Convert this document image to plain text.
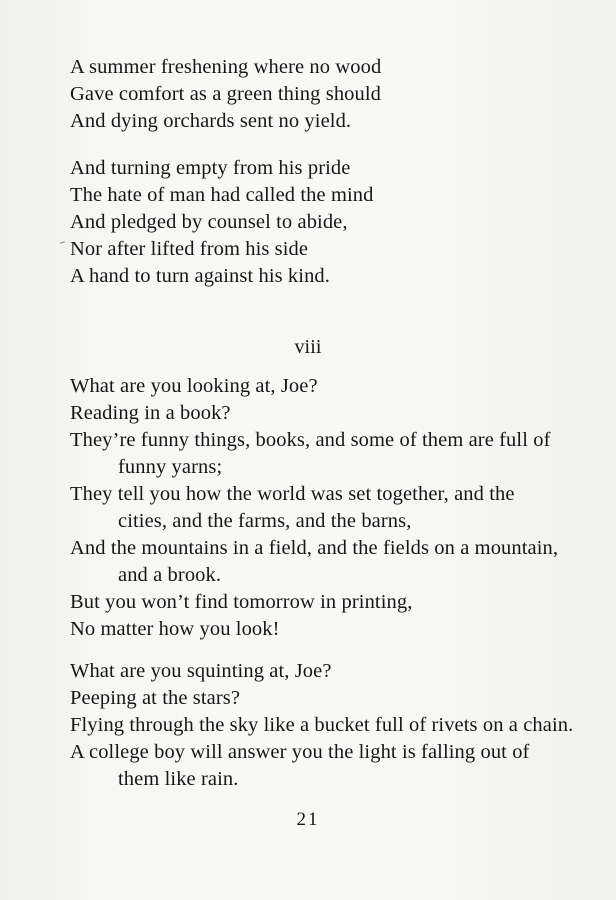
A summer freshening where no wood
Gave comfort as a green thing should
And dying orchards sent no yield.
And turning empty from his pride
The hate of man had called the mind
And pledged by counsel to abide,
Nor after lifted from his side
A hand to turn against his kind.
viii
What are you looking at, Joe?
Reading in a book?
They’re funny things, books, and some of them are full of
funny yarns;
They tell you how the world was set together, and the
cities, and the farms, and the barns,
And the mountains in a field, and the fields on a mountain,
and a brook.
But you won’t find tomorrow in printing,
No matter how you look!
What are you squinting at, Joe?
Peeping at the stars?
Flying through the sky like a bucket full of rivets on a chain.
A college boy will answer you the light is falling out of
them like rain.
21
